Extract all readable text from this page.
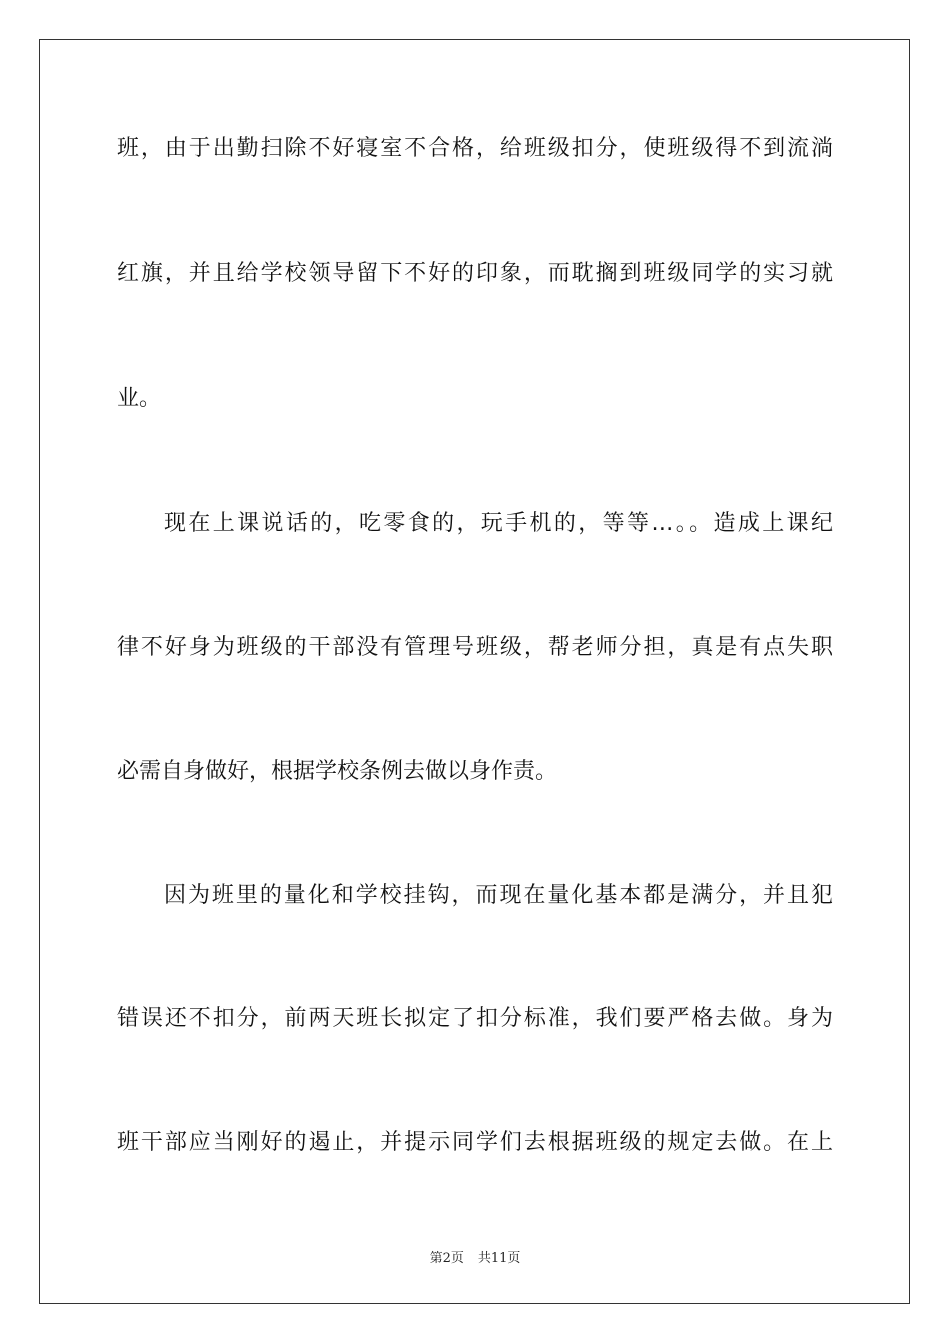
班，由于出勤扫除不好寝室不合格，给班级扣分，使班级得不到流淌
红旗，并且给学校领导留下不好的印象，而耽搁到班级同学的实习就
业。
现在上课说话的，吃零食的，玩手机的，等等…。。造成上课纪
律不好身为班级的干部没有管理号班级，帮老师分担，真是有点失职
必需自身做好，根据学校条例去做以身作责。
因为班里的量化和学校挂钩，而现在量化基本都是满分，并且犯
错误还不扣分，前两天班长拟定了扣分标准，我们要严格去做。身为
班干部应当刚好的遏止，并提示同学们去根据班级的规定去做。在上
第2页 共11页
